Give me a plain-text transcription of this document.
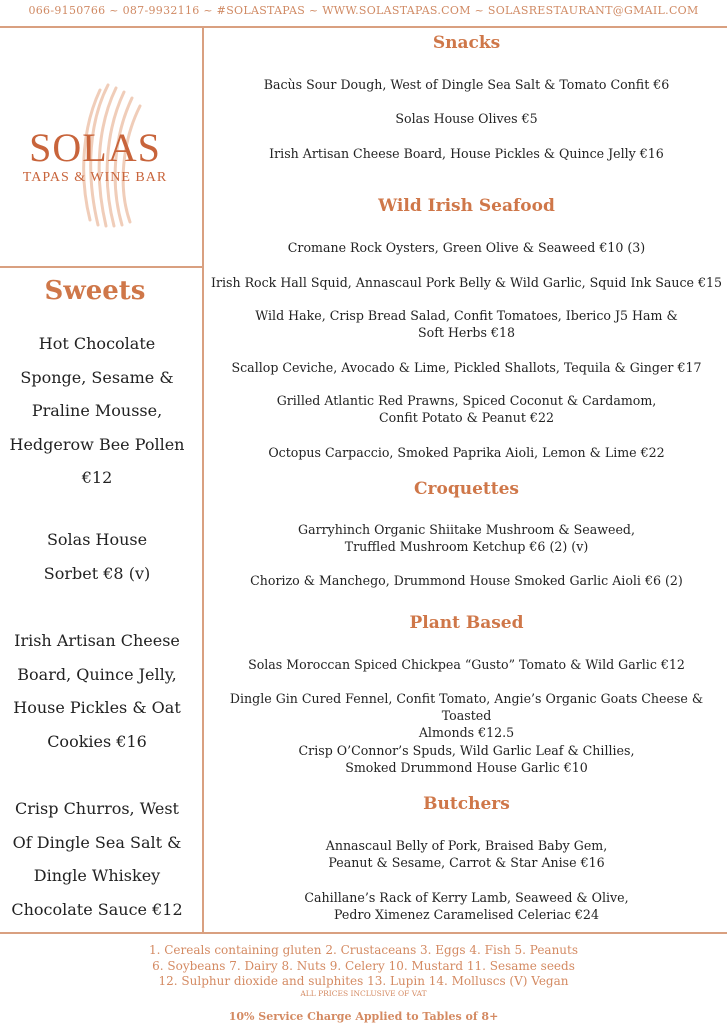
066-9150766 ~ 087-9932116 ~ #SOLASTAPAS ~ WWW.SOLASTAPAS.COM ~ SOLASRESTAURANT@GMAIL.COM
SOLAS
TAPAS & WINE BAR
Sweets
Hot Chocolate Sponge, Sesame & Praline Mousse, Hedgerow Bee Pollen €12
Solas House Sorbet €8 (v)
Irish Artisan Cheese Board, Quince Jelly, House Pickles & Oat Cookies €16
Crisp Churros, West Of Dingle Sea Salt & Dingle Whiskey Chocolate Sauce €12
Snacks
Bacùs Sour Dough, West of Dingle Sea Salt & Tomato Confit €6
Solas House Olives €5
Irish Artisan Cheese Board, House Pickles & Quince Jelly €16
Wild Irish Seafood
Cromane Rock Oysters, Green Olive & Seaweed €10 (3)
Irish Rock Hall Squid, Annascaul Pork Belly & Wild Garlic, Squid Ink Sauce €15
Wild Hake, Crisp Bread Salad, Confit Tomatoes, Iberico J5 Ham &
Soft Herbs €18
Scallop Ceviche, Avocado & Lime, Pickled Shallots, Tequila & Ginger €17
Grilled Atlantic Red Prawns, Spiced Coconut & Cardamom,
Confit Potato & Peanut €22
Octopus Carpaccio, Smoked Paprika Aioli, Lemon & Lime €22
Croquettes
Garryhinch Organic Shiitake Mushroom & Seaweed,
Truffled Mushroom Ketchup €6 (2) (v)
Chorizo & Manchego, Drummond House Smoked Garlic Aioli €6 (2)
Plant Based
Solas Moroccan Spiced Chickpea “Gusto” Tomato & Wild Garlic €12
Dingle Gin Cured Fennel, Confit Tomato, Angie’s Organic Goats Cheese & Toasted
Almonds €12.5
Crisp O’Connor’s Spuds, Wild Garlic Leaf & Chillies,
Smoked Drummond House Garlic €10
Butchers
Annascaul Belly of Pork, Braised Baby Gem,
Peanut & Sesame, Carrot & Star Anise €16
Cahillane’s Rack of Kerry Lamb, Seaweed & Olive,
Pedro Ximenez Caramelised Celeriac €24
1. Cereals containing gluten 2. Crustaceans 3. Eggs 4. Fish 5. Peanuts
6. Soybeans 7. Dairy 8. Nuts 9. Celery 10. Mustard 11. Sesame seeds
12. Sulphur dioxide and sulphites 13. Lupin 14. Molluscs (V) Vegan
ALL PRICES INCLUSIVE OF VAT
10% Service Charge Applied to Tables of 8+
